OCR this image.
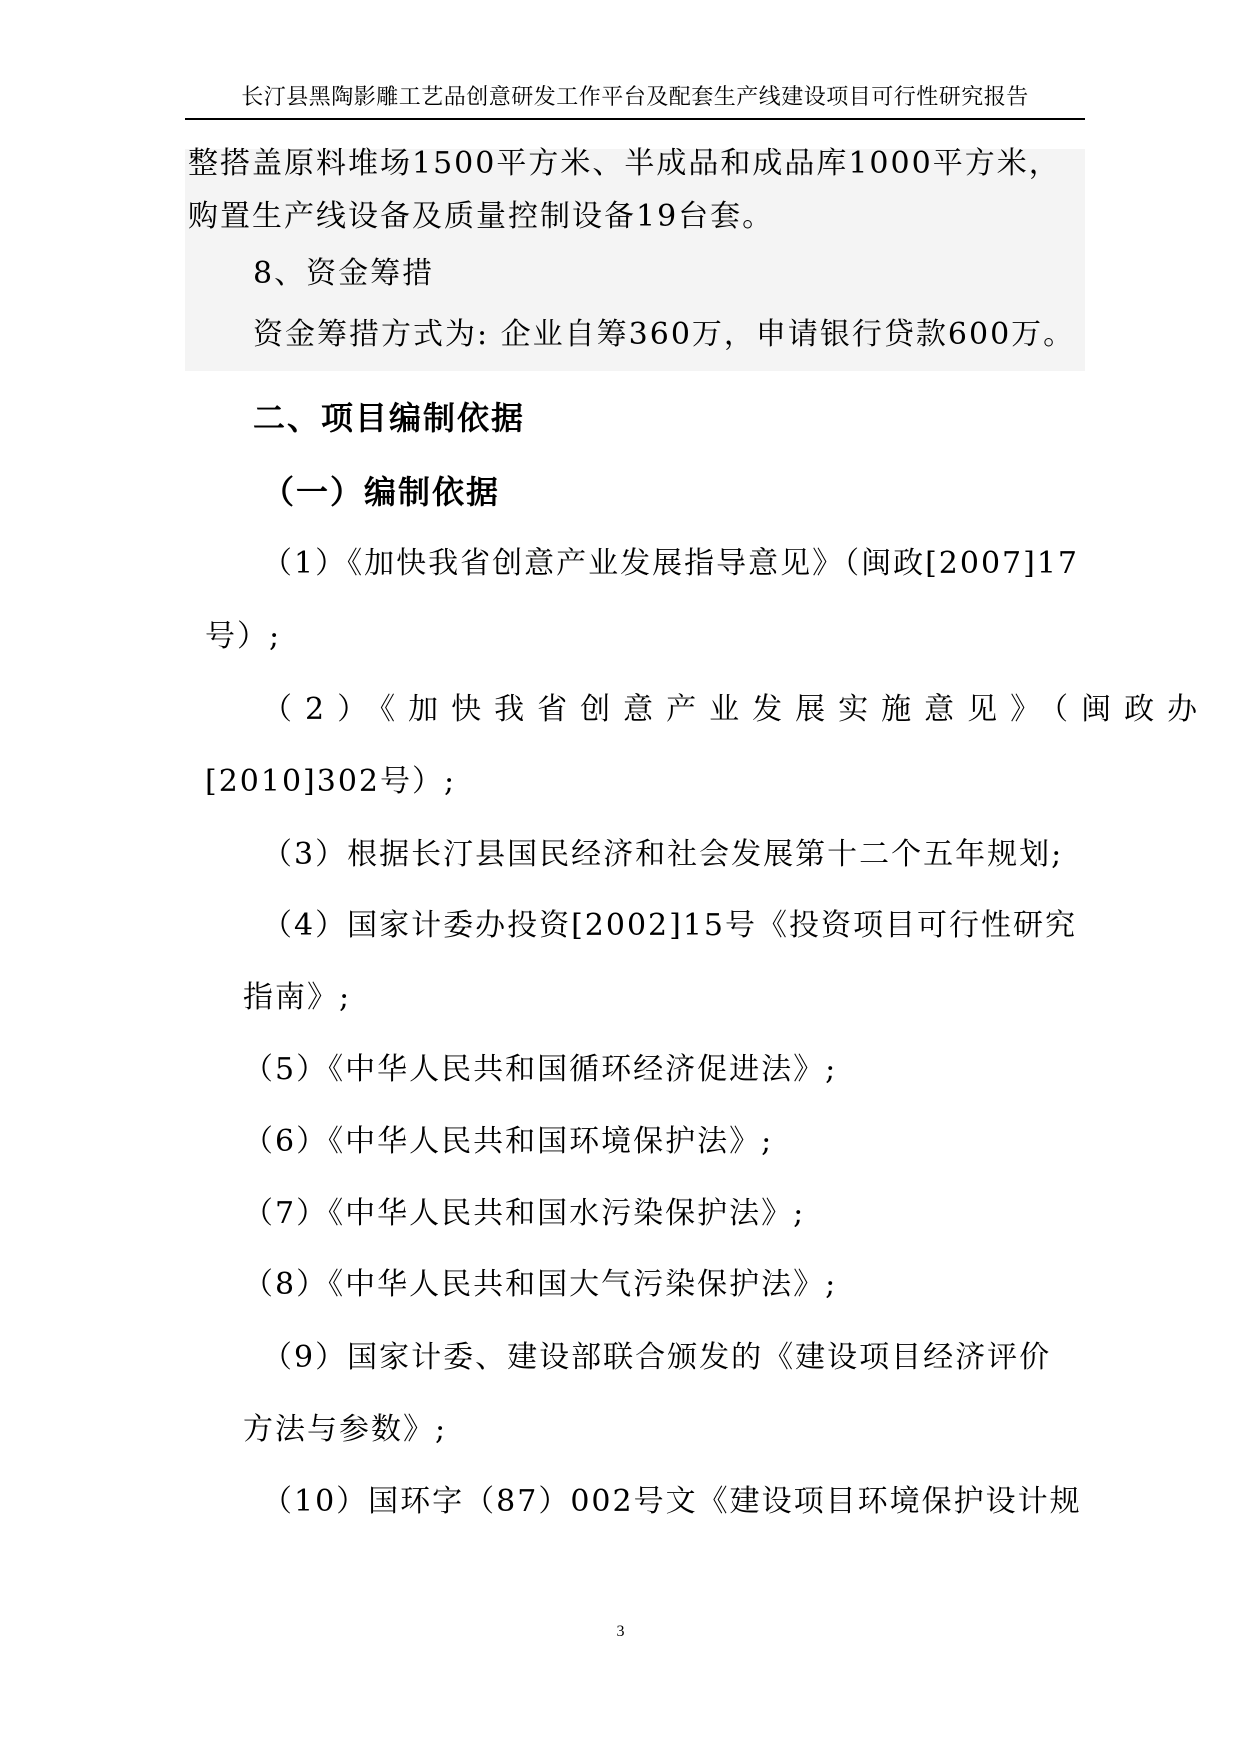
长汀县黑陶影雕工艺品创意研发工作平台及配套生产线建设项目可行性研究报告
整搭盖原料堆场1500平方米、半成品和成品库1000平方米，
购置生产线设备及质量控制设备19台套。
8、资金筹措
资金筹措方式为: 企业自筹360万，申请银行贷款600万。
二、项目编制依据
（一）编制依据
（1）《加快我省创意产业发展指导意见》（闽政[2007]17
号）;
（2）《加快我省创意产业发展实施意见》（闽政办
[2010]302号）;
（3）根据长汀县国民经济和社会发展第十二个五年规划;
（4）国家计委办投资[2002]15号《投资项目可行性研究
指南》;
（5）《中华人民共和国循环经济促进法》;
（6）《中华人民共和国环境保护法》;
（7）《中华人民共和国水污染保护法》;
（8）《中华人民共和国大气污染保护法》;
（9）国家计委、建设部联合颁发的《建设项目经济评价
方法与参数》;
（10）国环字（87）002号文《建设项目环境保护设计规
3
